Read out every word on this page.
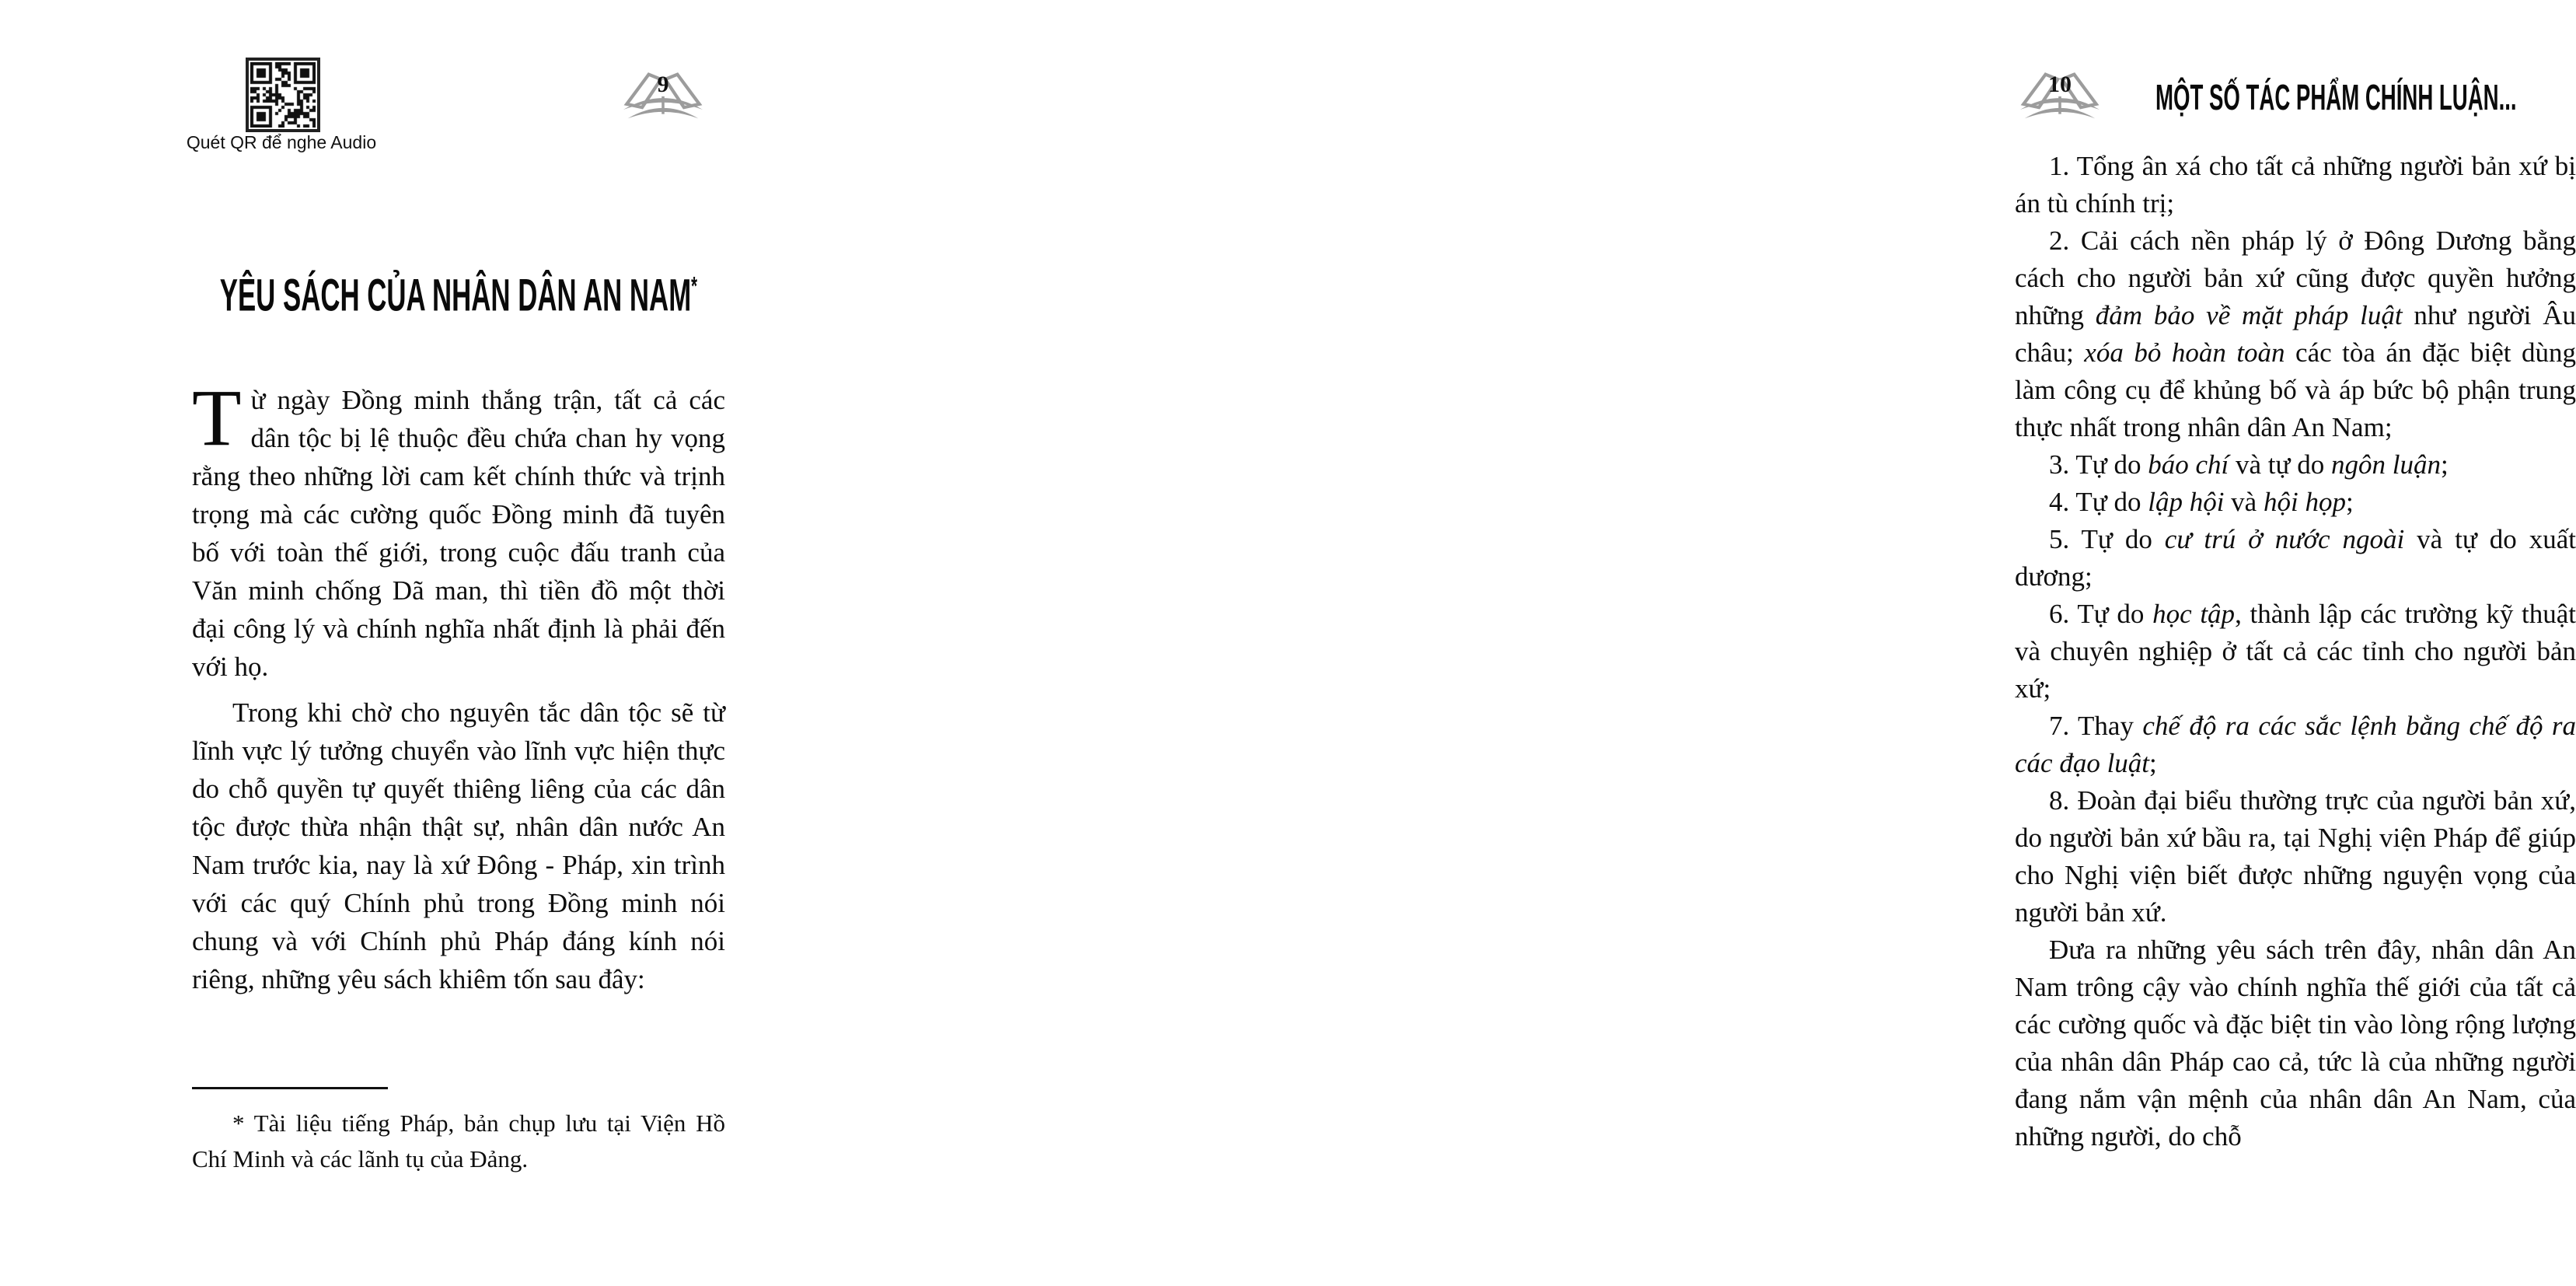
Quét QR để nghe Audio
9
YÊU SÁCH CỦA NHÂN DÂN AN NAM*

Từ ngày Đồng minh thắng trận, tất cả các dân tộc bị lệ thuộc đều chứa chan hy vọng rằng theo những lời cam kết chính thức và trịnh trọng mà các cường quốc Đồng minh đã tuyên bố với toàn thế giới, trong cuộc đấu tranh của Văn minh chống Dã man, thì tiền đồ một thời đại công lý và chính nghĩa nhất định là phải đến với họ.

Trong khi chờ cho nguyên tắc dân tộc sẽ từ lĩnh vực lý tưởng chuyển vào lĩnh vực hiện thực do chỗ quyền tự quyết thiêng liêng của các dân tộc được thừa nhận thật sự, nhân dân nước An Nam trước kia, nay là xứ Đông - Pháp, xin trình với các quý Chính phủ trong Đồng minh nói chung và với Chính phủ Pháp đáng kính nói riêng, những yêu sách khiêm tốn sau đây:

* Tài liệu tiếng Pháp, bản chụp lưu tại Viện Hồ Chí Minh và các lãnh tụ của Đảng.

10	MỘT SỐ TÁC PHẨM CHÍNH LUẬN...

1. Tổng ân xá cho tất cả những người bản xứ bị án tù chính trị;

2. Cải cách nền pháp lý ở Đông Dương bằng cách cho người bản xứ cũng được quyền hưởng những đảm bảo về mặt pháp luật như người Âu châu; xóa bỏ hoàn toàn các tòa án đặc biệt dùng làm công cụ để khủng bố và áp bức bộ phận trung thực nhất trong nhân dân An Nam;

3. Tự do báo chí và tự do ngôn luận;

4. Tự do lập hội và hội họp;

5. Tự do cư trú ở nước ngoài và tự do xuất dương;

6. Tự do học tập, thành lập các trường kỹ thuật và chuyên nghiệp ở tất cả các tỉnh cho người bản xứ;

7. Thay chế độ ra các sắc lệnh bằng chế độ ra các đạo luật;

8. Đoàn đại biểu thường trực của người bản xứ, do người bản xứ bầu ra, tại Nghị viện Pháp để giúp cho Nghị viện biết được những nguyện vọng của người bản xứ.

Đưa ra những yêu sách trên đây, nhân dân An Nam trông cậy vào chính nghĩa thế giới của tất cả các cường quốc và đặc biệt tin vào lòng rộng lượng của nhân dân Pháp cao cả, tức là của những người đang nắm vận mệnh của nhân dân An Nam, của những người, do chỗ
